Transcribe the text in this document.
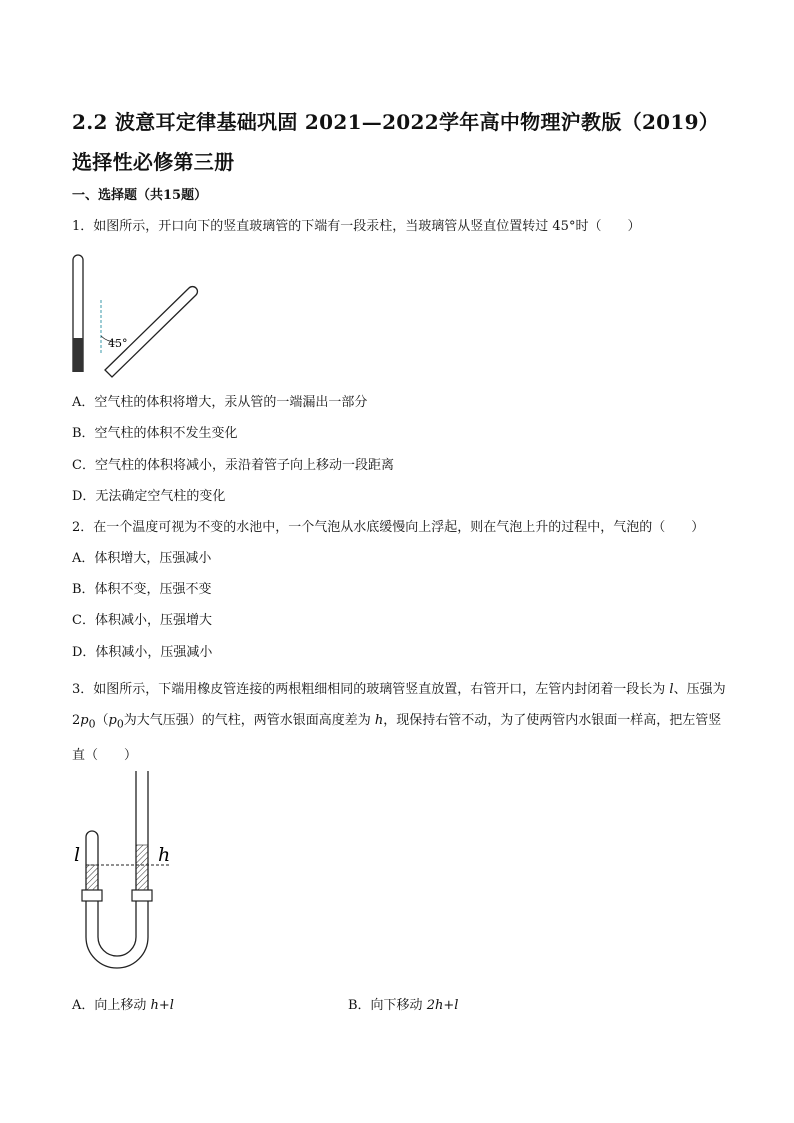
2.2 波意耳定律基础巩固 2021—2022学年高中物理沪教版（2019）选择性必修第三册
一、选择题（共15题）
1．如图所示，开口向下的竖直玻璃管的下端有一段汞柱，当玻璃管从竖直位置转过 45°时（　　）
45°
A．空气柱的体积将增大，汞从管的一端漏出一部分
B．空气柱的体积不发生变化
C．空气柱的体积将减小，汞沿着管子向上移动一段距离
D．无法确定空气柱的变化
2．在一个温度可视为不变的水池中，一个气泡从水底缓慢向上浮起，则在气泡上升的过程中，气泡的（　　）
A．体积增大，压强减小
B．体积不变，压强不变
C．体积减小，压强增大
D．体积减小，压强减小
3．如图所示，下端用橡皮管连接的两根粗细相同的玻璃管竖直放置，右管开口，左管内封闭着一段长为 l、压强为 $2p_0(p_0$为大气压强）的气柱，两管水银面高度差为 h，现保持右管不动，为了使两管内水银面一样高，把左管竖直（　　）
l	h
A．向上移动 h+l	B．向下移动 2h+l
